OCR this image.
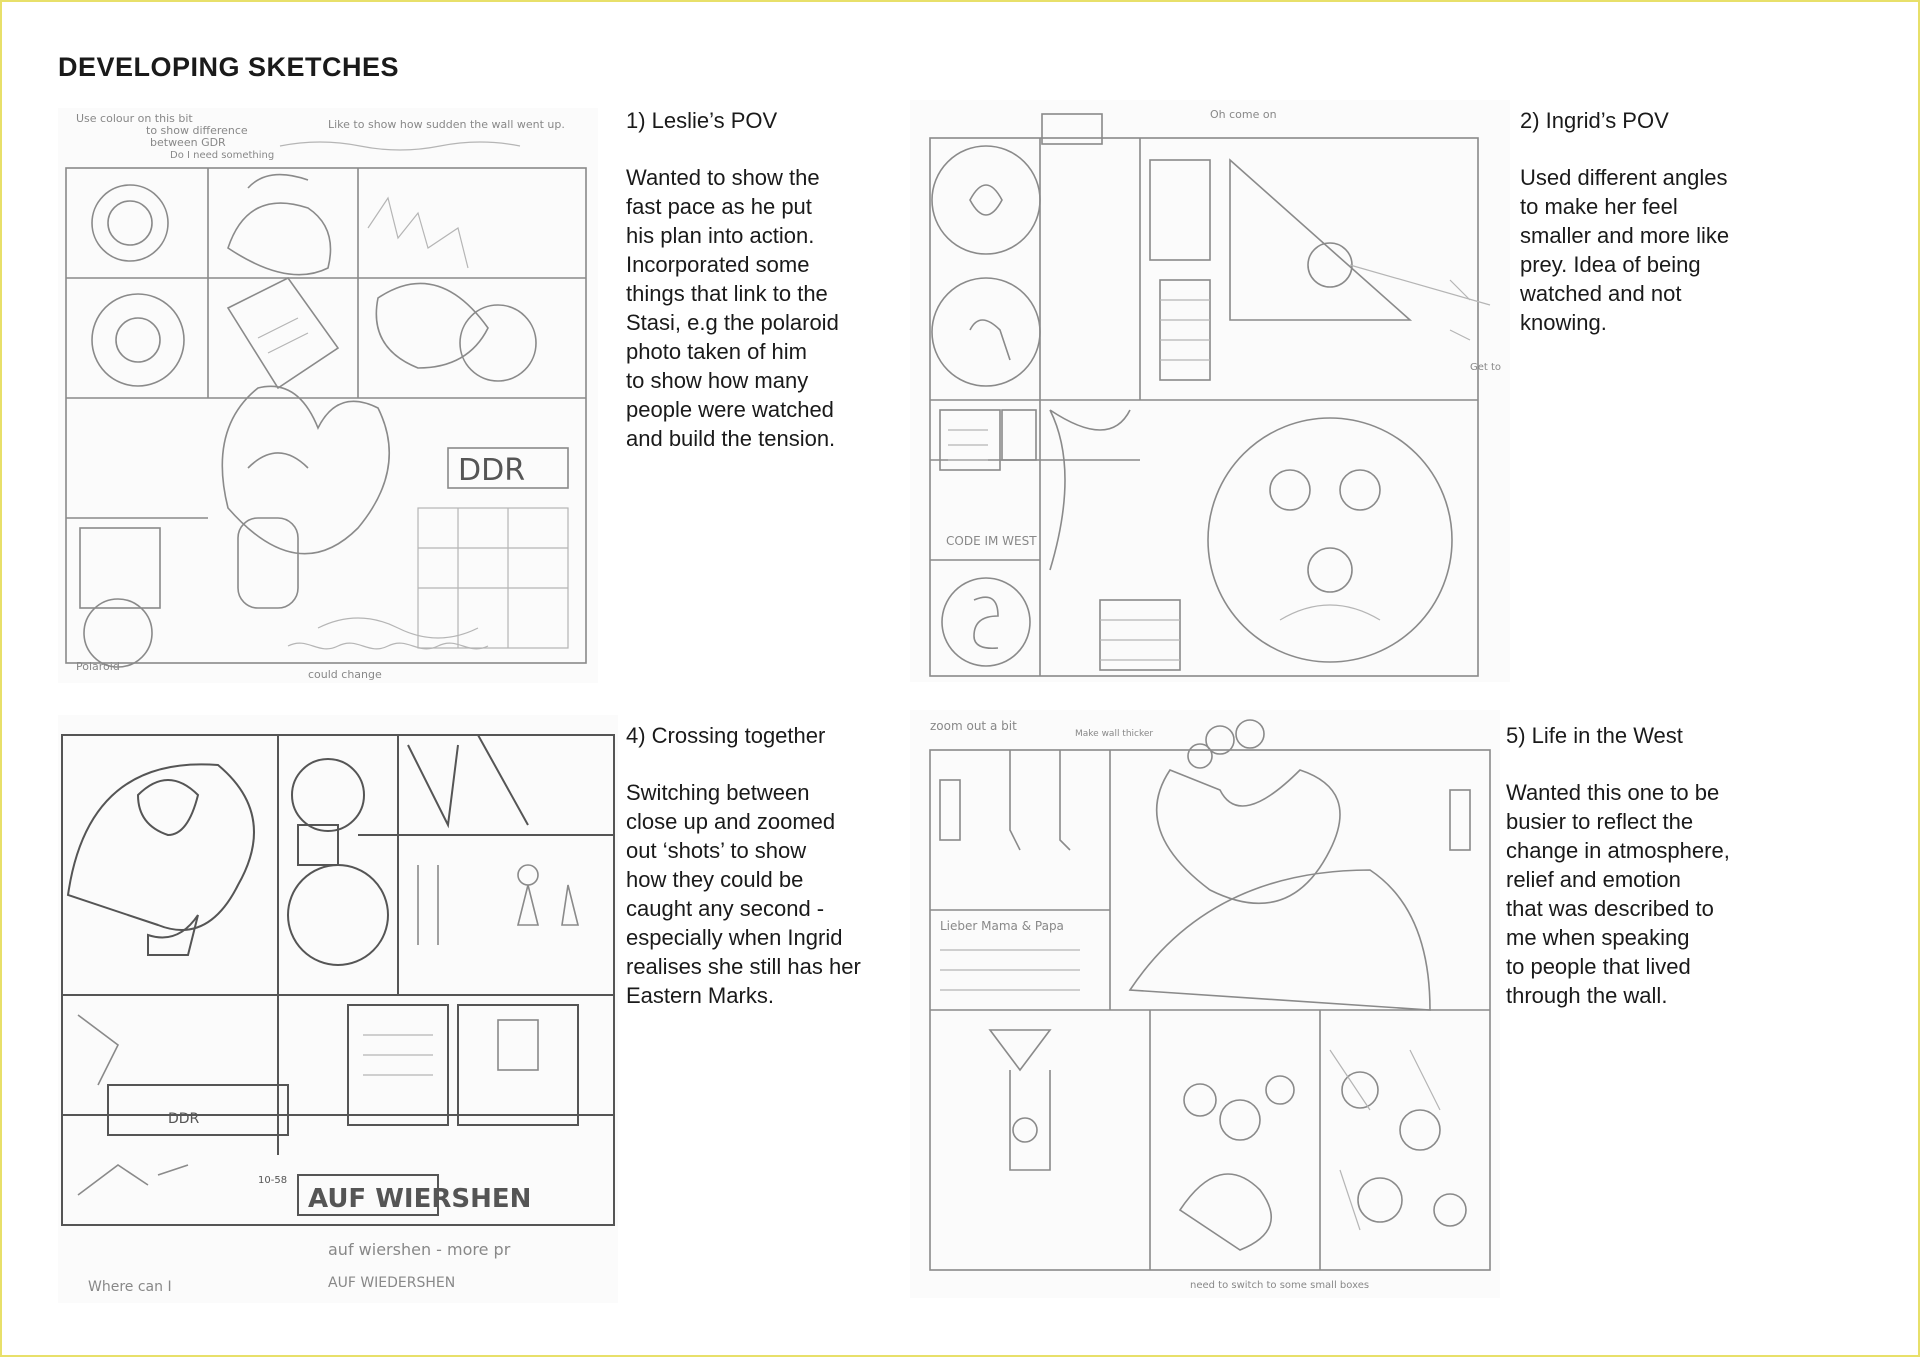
DEVELOPING SKETCHES
Use colour on this bit
to show difference
between GDR
Do I need something
Like to show how sudden the wall went up.
DDR
Polaroid
could change
1) Leslie’s POV

Wanted to show the
fast pace as he put
his plan into action.
Incorporated some
things that link to the
Stasi, e.g the polaroid
photo taken of him
to show how many
people were watched
and build the tension.

Oh come on
CODE IM WEST
Get to
2) Ingrid’s POV

Used different angles
to make her feel
smaller and more like
prey. Idea of being
watched and not
knowing.

DDR
AUF WIERSHEN
10-58
auf wiershen - more pr
AUF WIEDERSHEN
Where can I
4) Crossing together

Switching between
close up and zoomed
out ‘shots’ to show
how they could be
caught any second -
especially when Ingrid
realises she still has her
Eastern Marks.

zoom out a bit
Make wall thicker
Lieber Mama & Papa
need to switch to some small boxes
5) Life in the West

Wanted this one to be
busier to reflect the
change in atmosphere,
relief and emotion
that was described to
me when speaking
to people that lived
through the wall.
